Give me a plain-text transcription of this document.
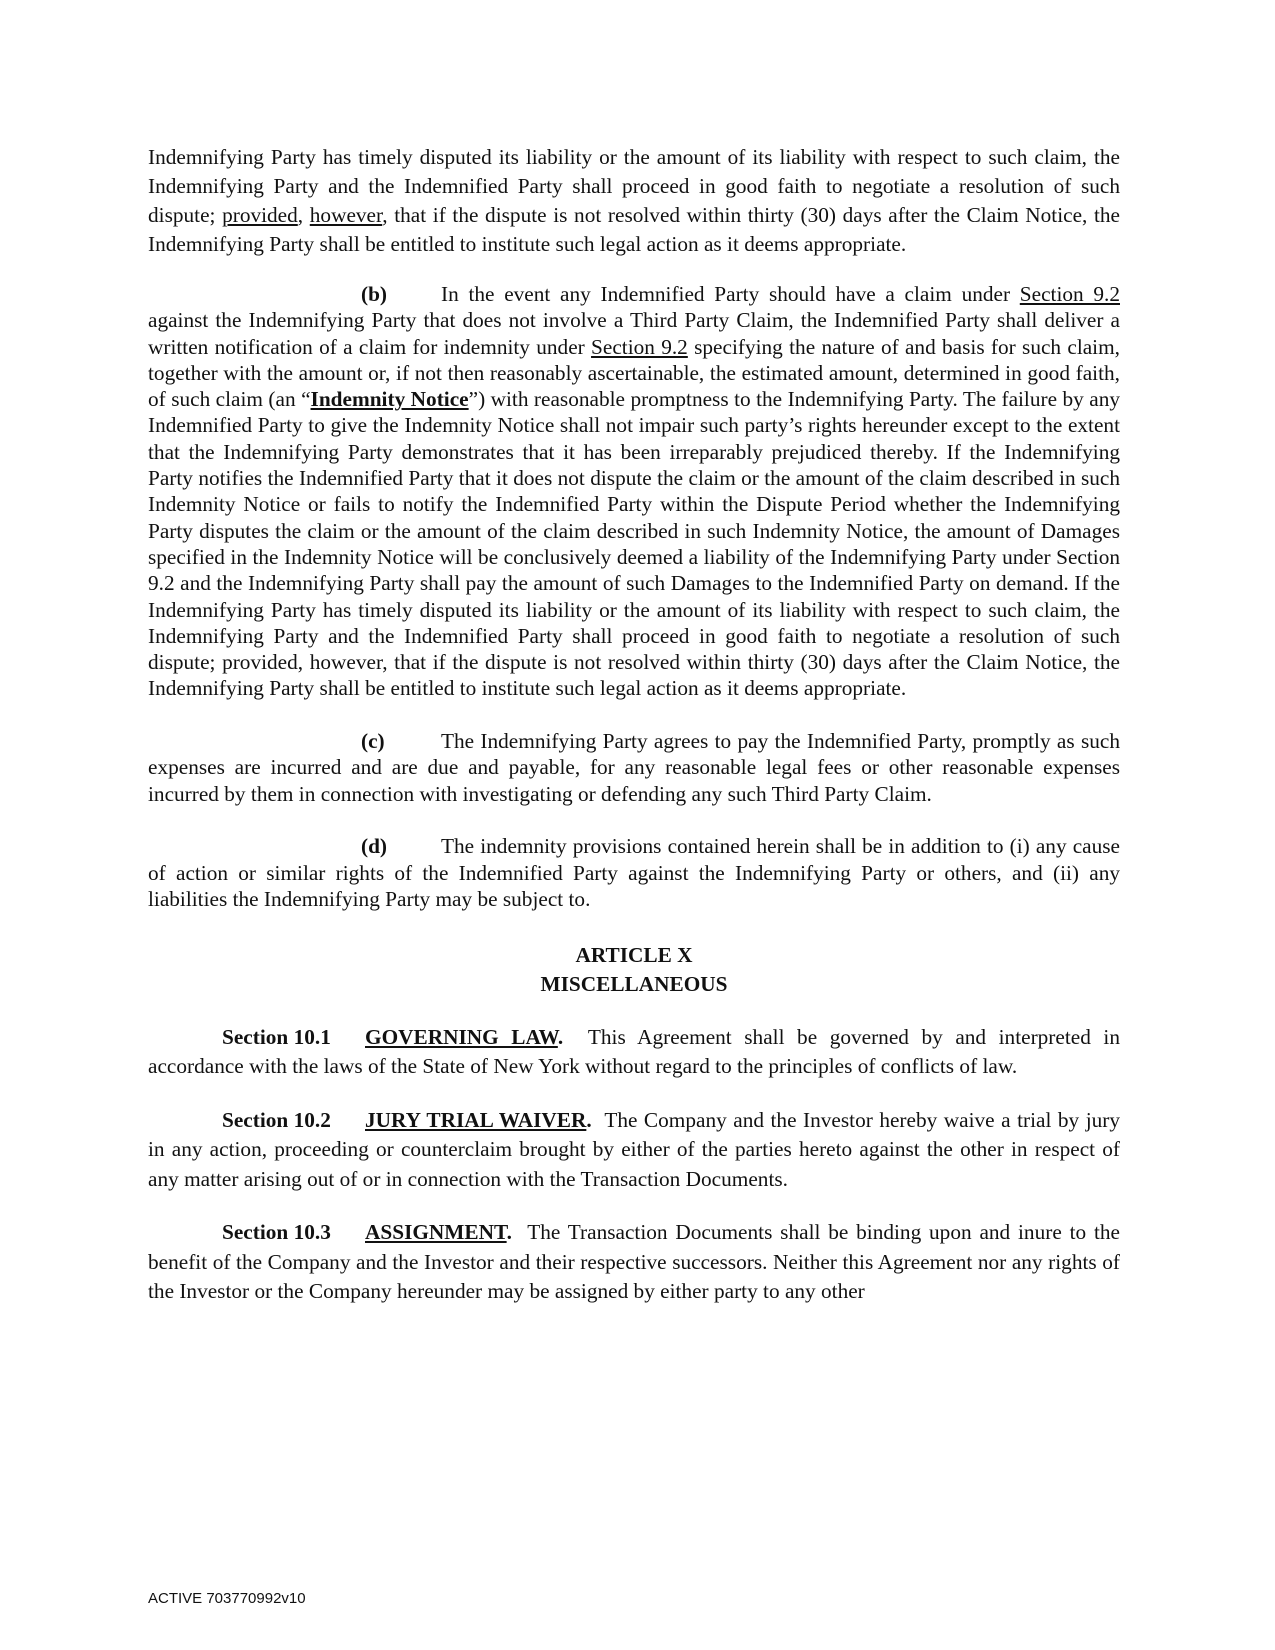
Indemnifying Party has timely disputed its liability or the amount of its liability with respect to such claim, the Indemnifying Party and the Indemnified Party shall proceed in good faith to negotiate a resolution of such dispute; provided, however, that if the dispute is not resolved within thirty (30) days after the Claim Notice, the Indemnifying Party shall be entitled to institute such legal action as it deems appropriate.

(b)	In the event any Indemnified Party should have a claim under Section 9.2 against the Indemnifying Party that does not involve a Third Party Claim, the Indemnified Party shall deliver a written notification of a claim for indemnity under Section 9.2 specifying the nature of and basis for such claim, together with the amount or, if not then reasonably ascertainable, the estimated amount, determined in good faith, of such claim (an “Indemnity Notice”) with reasonable promptness to the Indemnifying Party. The failure by any Indemnified Party to give the Indemnity Notice shall not impair such party’s rights hereunder except to the extent that the Indemnifying Party demonstrates that it has been irreparably prejudiced thereby. If the Indemnifying Party notifies the Indemnified Party that it does not dispute the claim or the amount of the claim described in such Indemnity Notice or fails to notify the Indemnified Party within the Dispute Period whether the Indemnifying Party disputes the claim or the amount of the claim described in such Indemnity Notice, the amount of Damages specified in the Indemnity Notice will be conclusively deemed a liability of the Indemnifying Party under Section 9.2 and the Indemnifying Party shall pay the amount of such Damages to the Indemnified Party on demand. If the Indemnifying Party has timely disputed its liability or the amount of its liability with respect to such claim, the Indemnifying Party and the Indemnified Party shall proceed in good faith to negotiate a resolution of such dispute; provided, however, that if the dispute is not resolved within thirty (30) days after the Claim Notice, the Indemnifying Party shall be entitled to institute such legal action as it deems appropriate.

(c)	The Indemnifying Party agrees to pay the Indemnified Party, promptly as such expenses are incurred and are due and payable, for any reasonable legal fees or other reasonable expenses incurred by them in connection with investigating or defending any such Third Party Claim.

(d)	The indemnity provisions contained herein shall be in addition to (i) any cause of action or similar rights of the Indemnified Party against the Indemnifying Party or others, and (ii) any liabilities the Indemnifying Party may be subject to.

ARTICLE X
MISCELLANEOUS

Section 10.1 GOVERNING LAW. This Agreement shall be governed by and interpreted in accordance with the laws of the State of New York without regard to the principles of conflicts of law.

Section 10.2 JURY TRIAL WAIVER. The Company and the Investor hereby waive a trial by jury in any action, proceeding or counterclaim brought by either of the parties hereto against the other in respect of any matter arising out of or in connection with the Transaction Documents.

Section 10.3 ASSIGNMENT. The Transaction Documents shall be binding upon and inure to the benefit of the Company and the Investor and their respective successors. Neither this Agreement nor any rights of the Investor or the Company hereunder may be assigned by either party to any other

ACTIVE 703770992v10
